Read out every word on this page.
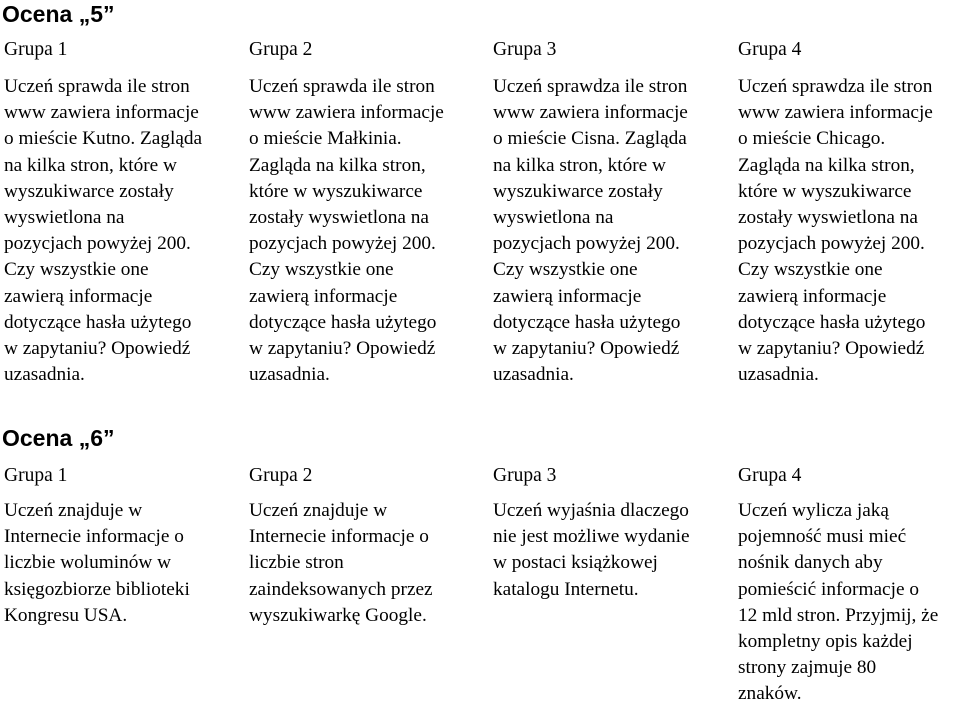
Ocena „5”
Grupa 1
Uczeń sprawda ile stron
www zawiera informacje
o mieście Kutno. Zagląda
na kilka stron, które w
wyszukiwarce zostały
wyswietlona na
pozycjach powyżej 200.
Czy wszystkie one
zawierą informacje
dotyczące hasła użytego
w zapytaniu? Opowiedź
uzasadnia.
Grupa 2
Uczeń sprawda ile stron
www zawiera informacje
o mieście Małkinia.
Zagląda na kilka stron,
które w wyszukiwarce
zostały wyswietlona na
pozycjach powyżej 200.
Czy wszystkie one
zawierą informacje
dotyczące hasła użytego
w zapytaniu? Opowiedź
uzasadnia.
Grupa 3
Uczeń sprawdza ile stron
www zawiera informacje
o mieście Cisna. Zagląda
na kilka stron, które w
wyszukiwarce zostały
wyswietlona na
pozycjach powyżej 200.
Czy wszystkie one
zawierą informacje
dotyczące hasła użytego
w zapytaniu? Opowiedź
uzasadnia.
Grupa 4
Uczeń sprawdza ile stron
www zawiera informacje
o mieście Chicago.
Zagląda na kilka stron,
które w wyszukiwarce
zostały wyswietlona na
pozycjach powyżej 200.
Czy wszystkie one
zawierą informacje
dotyczące hasła użytego
w zapytaniu? Opowiedź
uzasadnia.
Ocena „6”
Grupa 1
Uczeń znajduje w
Internecie informacje o
liczbie woluminów w
księgozbiorze biblioteki
Kongresu USA.
Grupa 2
Uczeń znajduje w
Internecie informacje o
liczbie stron
zaindeksowanych przez
wyszukiwarkę Google.
Grupa 3
Uczeń wyjaśnia dlaczego
nie jest możliwe wydanie
w postaci książkowej
katalogu Internetu.
Grupa 4
Uczeń wylicza jaką
pojemność musi mieć
nośnik danych aby
pomieścić informacje o
12 mld stron. Przyjmij, że
kompletny opis każdej
strony zajmuje 80
znaków.
